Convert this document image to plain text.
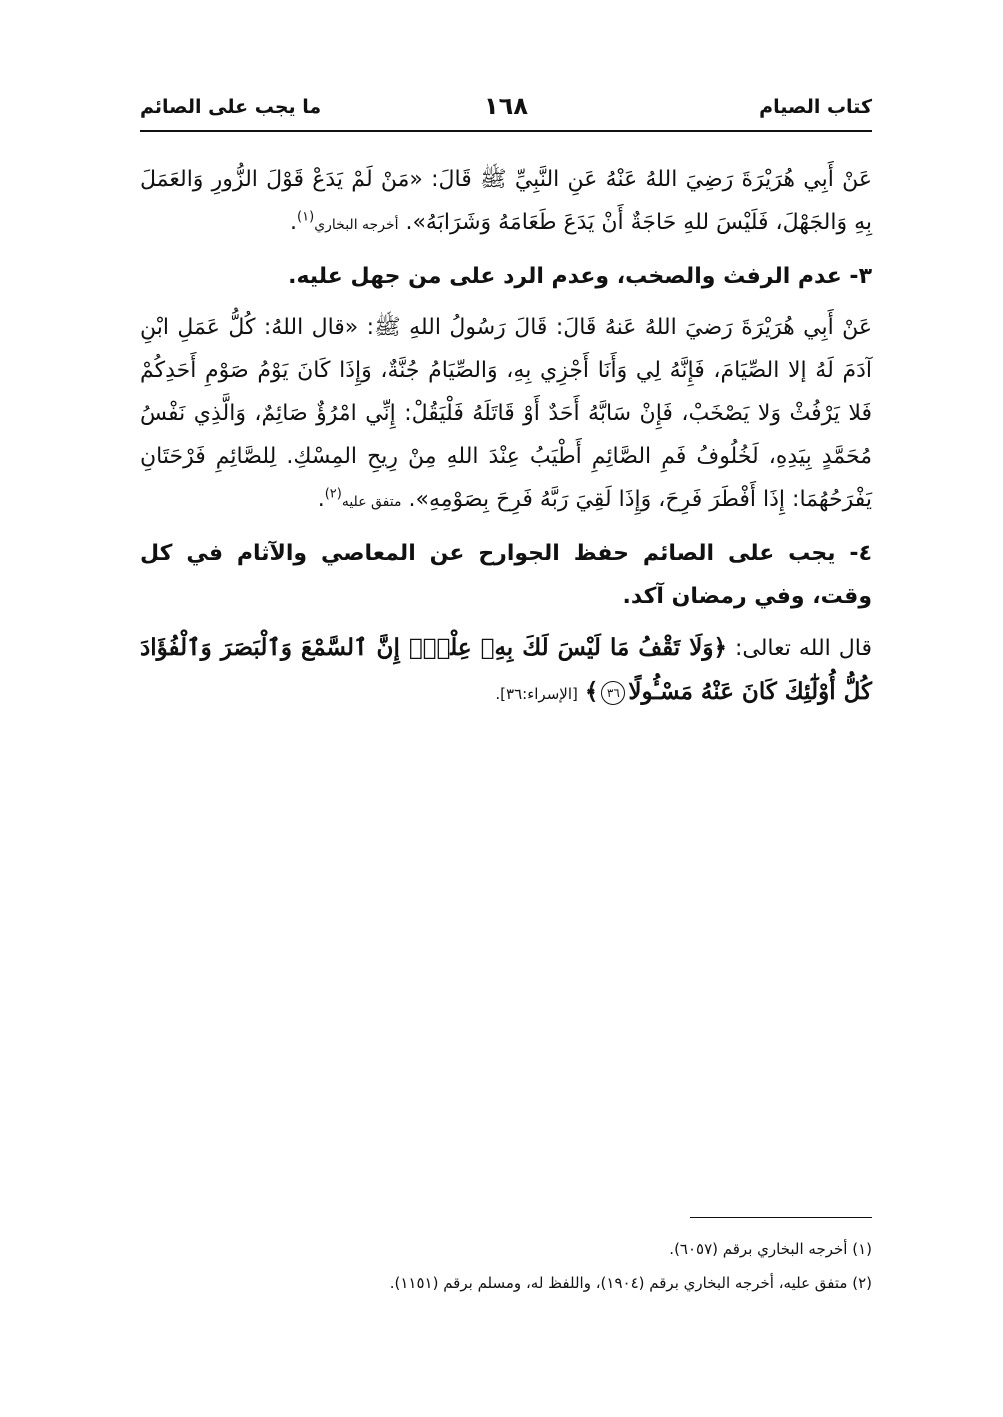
كتاب الصيام
١٦٨
ما يجب على الصائم

عَنْ أَبِي هُرَيْرَةَ رَضِيَ اللهُ عَنْهُ عَنِ النَّبِيِّ ﷺ قَالَ: «مَنْ لَمْ يَدَعْ قَوْلَ الزُّورِ وَالعَمَلَ بِهِ وَالجَهْلَ، فَلَيْسَ للهِ حَاجَةٌ أَنْ يَدَعَ طَعَامَهُ وَشَرَابَهُ». أخرجه البخاري$^{(١)}$.

٣- عدم الرفث والصخب، وعدم الرد على من جهل عليه.

عَنْ أَبِي هُرَيْرَةَ رَضيَ اللهُ عَنهُ قَالَ: قَالَ رَسُولُ اللهِ ﷺ: «قال اللهُ: كُلُّ عَمَلِ ابْنِ آدَمَ لَهُ إلا الصِّيَامَ، فَإِنَّهُ لِي وَأَنَا أَجْزِي بِهِ، وَالصِّيَامُ جُنَّةٌ، وَإِذَا كَانَ يَوْمُ صَوْمِ أَحَدِكُمْ فَلا يَرْفُثْ وَلا يَصْخَبْ، فَإِنْ سَابَّهُ أَحَدٌ أَوْ قَاتَلَهُ فَلْيَقُلْ: إِنِّي امْرُؤٌ صَائِمٌ، وَالَّذِي نَفْسُ مُحَمَّدٍ بِيَدِهِ، لَخُلُوفُ فَمِ الصَّائِمِ أَطْيَبُ عِنْدَ اللهِ مِنْ رِيحِ المِسْكِ. لِلصَّائِمِ فَرْحَتَانِ يَفْرَحُهُمَا: إِذَا أَفْطَرَ فَرِحَ، وَإِذَا لَقِيَ رَبَّهُ فَرِحَ بِصَوْمِهِ». متفق عليه$^{(٢)}$.

٤- يجب على الصائم حفظ الجوارح عن المعاصي والآثام في كل وقت، وفي رمضان آكد.

قال الله تعالى: ﴿وَلَا تَقْفُ مَا لَيْسَ لَكَ بِهِۦ عِلْمٌۚ إِنَّ ٱلسَّمْعَ وَٱلْبَصَرَ وَٱلْفُؤَادَ كُلُّ أُوْلَٰٓئِكَ كَانَ عَنْهُ مَسْـُٔولًا٣٦﴾ [الإسراء:٣٦].

(١) أخرجه البخاري برقم (٦٠٥٧).
(٢) متفق عليه، أخرجه البخاري برقم (١٩٠٤)، واللفظ له، ومسلم برقم (١١٥١).
